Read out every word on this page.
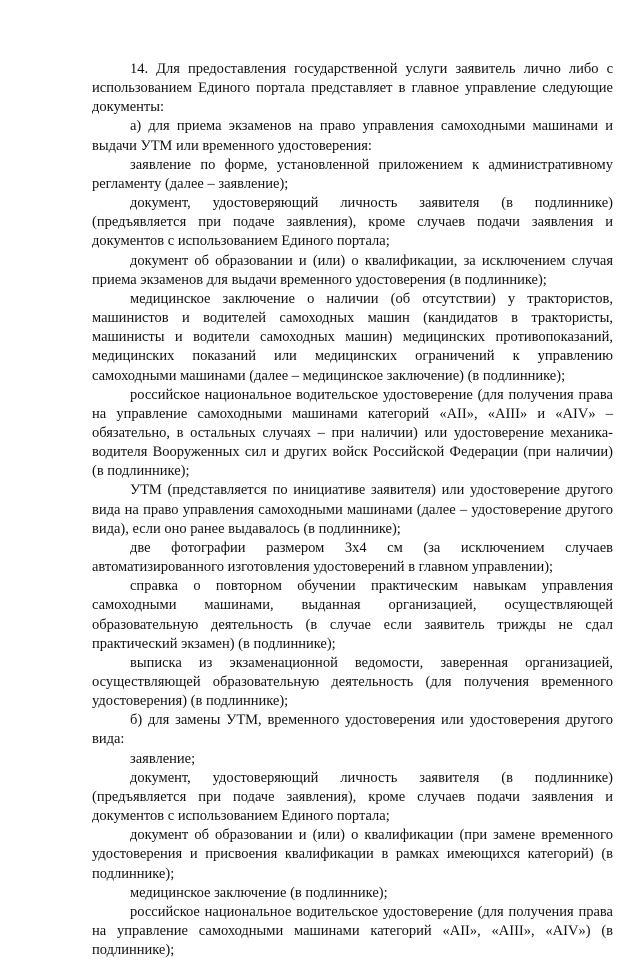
14. Для предоставления государственной услуги заявитель лично либо с использованием Единого портала представляет в главное управление следующие документы:

а) для приема экзаменов на право управления самоходными машинами и выдачи УТМ или временного удостоверения:

заявление по форме, установленной приложением к административному регламенту (далее – заявление);

документ, удостоверяющий личность заявителя (в подлиннике) (предъявляется при подаче заявления), кроме случаев подачи заявления и документов с использованием Единого портала;

документ об образовании и (или) о квалификации, за исключением случая приема экзаменов для выдачи временного удостоверения (в подлиннике);

медицинское заключение о наличии (об отсутствии) у трактористов, машинистов и водителей самоходных машин (кандидатов в трактористы, машинисты и водители самоходных машин) медицинских противопоказаний, медицинских показаний или медицинских ограничений к управлению самоходными машинами (далее – медицинское заключение) (в подлиннике);

российское национальное водительское удостоверение (для получения права на управление самоходными машинами категорий «AII», «AIII» и «AIV» – обязательно, в остальных случаях – при наличии) или удостоверение механика-водителя Вооруженных сил и других войск Российской Федерации (при наличии) (в подлиннике);

УТМ (представляется по инициативе заявителя) или удостоверение другого вида на право управления самоходными машинами (далее – удостоверение другого вида), если оно ранее выдавалось (в подлиннике);

две фотографии размером 3х4 см (за исключением случаев автоматизированного изготовления удостоверений в главном управлении);

справка о повторном обучении практическим навыкам управления самоходными машинами, выданная организацией, осуществляющей образовательную деятельность (в случае если заявитель трижды не сдал практический экзамен) (в подлиннике);

выписка из экзаменационной ведомости, заверенная организацией, осуществляющей образовательную деятельность (для получения временного удостоверения) (в подлиннике);

б) для замены УТМ, временного удостоверения или удостоверения другого вида:

заявление;

документ, удостоверяющий личность заявителя (в подлиннике) (предъявляется при подаче заявления), кроме случаев подачи заявления и документов с использованием Единого портала;

документ об образовании и (или) о квалификации (при замене временного удостоверения и присвоения квалификации в рамках имеющихся категорий) (в подлиннике);

медицинское заключение (в подлиннике);

российское национальное водительское удостоверение (для получения права на управление самоходными машинами категорий «AII», «AIII», «AIV») (в подлиннике);
